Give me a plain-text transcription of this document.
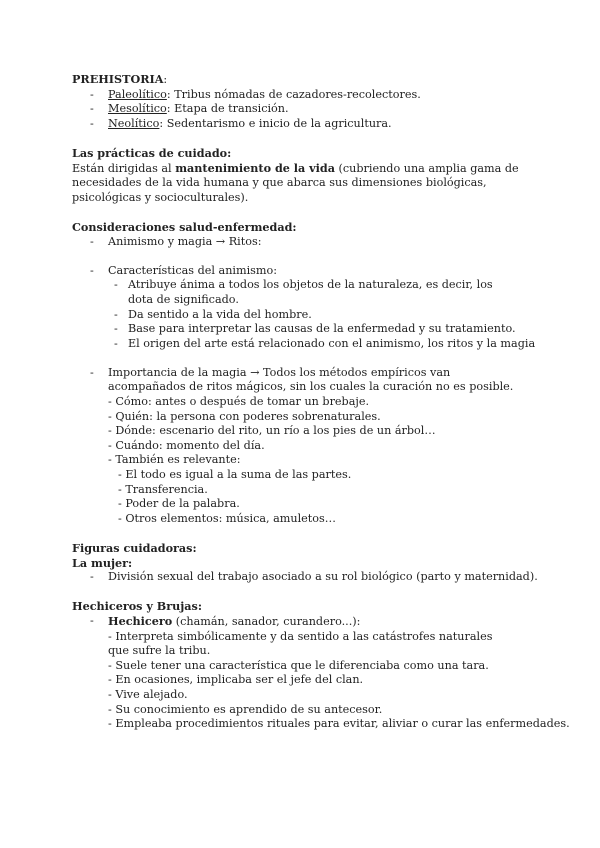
PREHISTORIA:
- Paleolítico: Tribus nómadas de cazadores-recolectores.
- Mesolítico: Etapa de transición.
- Neolítico: Sedentarismo e inicio de la agricultura.
Las prácticas de cuidado:
Están dirigidas al mantenimiento de la vida (cubriendo una amplia gama de necesidades de la vida humana y que abarca sus dimensiones biológicas, psicológicas y socioculturales).
Consideraciones salud-enfermedad:
- Animismo y magia → Ritos:
- Características del animismo:
- Atribuye ánima a todos los objetos de la naturaleza, es decir, los dota de significado.
- Da sentido a la vida del hombre.
- Base para interpretar las causas de la enfermedad y su tratamiento.
- El origen del arte está relacionado con el animismo, los ritos y la magia
- Importancia de la magia → Todos los métodos empíricos van acompañados de ritos mágicos, sin los cuales la curación no es posible.
- Cómo: antes o después de tomar un brebaje.
- Quién: la persona con poderes sobrenaturales.
- Dónde: escenario del rito, un río a los pies de un árbol…
- Cuándo: momento del día.
- También es relevante:
- El todo es igual a la suma de las partes.
- Transferencia.
- Poder de la palabra.
- Otros elementos: música, amuletos…
Figuras cuidadoras:
La mujer:
- División sexual del trabajo asociado a su rol biológico (parto y maternidad).
Hechiceros y Brujas:
- Hechicero (chamán, sanador, curandero...):
- Interpreta simbólicamente y da sentido a las catástrofes naturales que sufre la tribu.
- Suele tener una característica que le diferenciaba como una tara.
- En ocasiones, implicaba ser el jefe del clan.
- Vive alejado.
- Su conocimiento es aprendido de su antecesor.
- Empleaba procedimientos rituales para evitar, aliviar o curar las enfermedades.
